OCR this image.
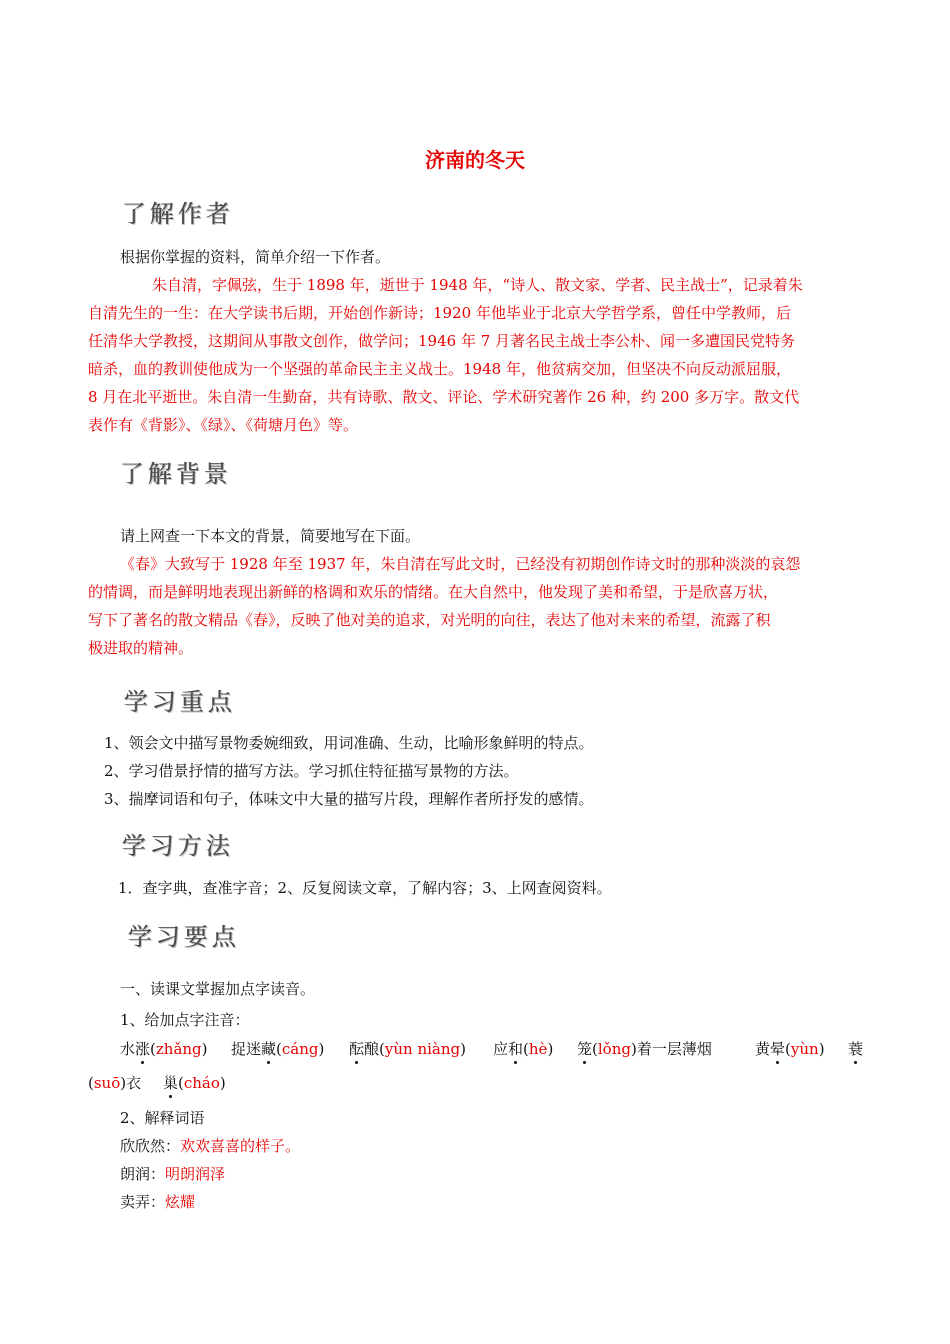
济南的冬天
了解作者
根据你掌握的资料，简单介绍一下作者。
朱自清，字佩弦，生于 1898 年，逝世于 1948 年，“诗人、散文家、学者、民主战士”，记录着朱
自清先生的一生：在大学读书后期，开始创作新诗；1920 年他毕业于北京大学哲学系，曾任中学教师，后
任清华大学教授，这期间从事散文创作，做学问；1946 年 7 月著名民主战士李公朴、闻一多遭国民党特务
暗杀，血的教训使他成为一个坚强的革命民主主义战士。1948 年，他贫病交加，但坚决不向反动派屈服，
8 月在北平逝世。朱自清一生勤奋，共有诗歌、散文、评论、学术研究著作 26 种，约 200 多万字。散文代
表作有《背影》、《绿》、《荷塘月色》等。
了解背景
请上网查一下本文的背景，简要地写在下面。
《春》大致写于 1928 年至 1937 年，朱自清在写此文时，已经没有初期创作诗文时的那种淡淡的哀怨
的情调，而是鲜明地表现出新鲜的格调和欢乐的情绪。在大自然中，他发现了美和希望，于是欣喜万状，
写下了著名的散文精品《春》，反映了他对美的追求，对光明的向往，表达了他对未来的希望，流露了积
极进取的精神。
学习重点
1、领会文中描写景物委婉细致，用词准确、生动，比喻形象鲜明的特点。
2、学习借景抒情的描写方法。学习抓住特征描写景物的方法。
3、揣摩词语和句子，体味文中大量的描写片段，理解作者所抒发的感情。
学习方法
1．查字典，查准字音；2、反复阅读文章，了解内容；3、上网查阅资料。
学习要点
一、读课文掌握加点字读音。
1、给加点字注音：
水涨(zhǎng) 捉迷藏(cáng) 酝酿(yùn niàng) 应和(hè) 笼(lǒng)着一层薄烟	黄晕(yùn) 蓑
(suō)衣 巢(cháo)
2、解释词语
欣欣然：欢欢喜喜的样子。
朗润：明朗润泽
卖弄：炫耀
